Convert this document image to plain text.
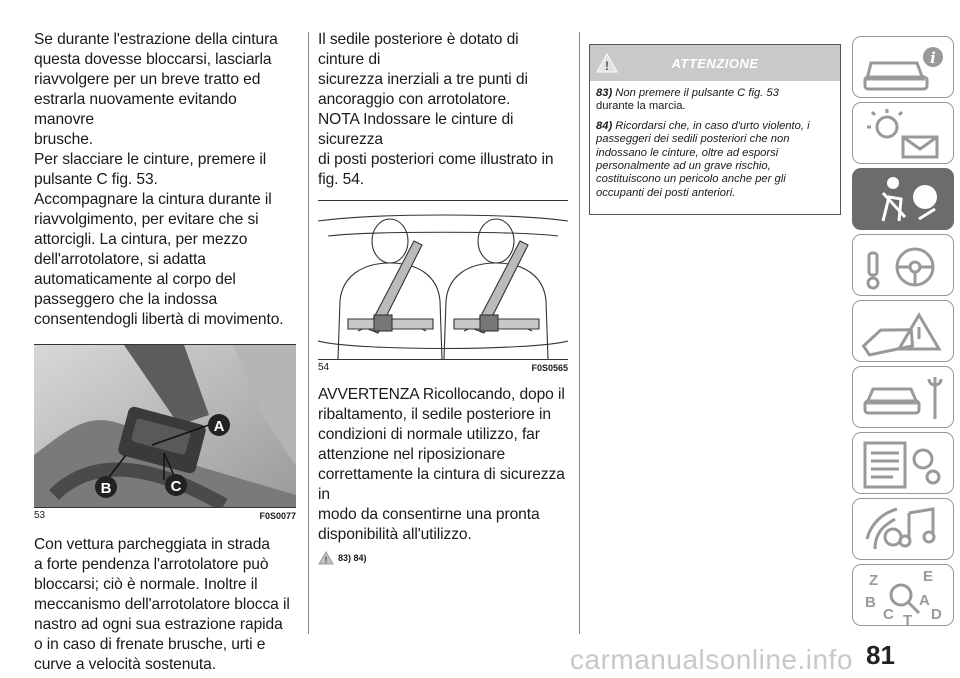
Se durante l'estrazione della cintura
questa dovesse bloccarsi, lasciarla
riavvolgere per un breve tratto ed
estrarla nuovamente evitando manovre
brusche.
Per slacciare le cinture, premere il
pulsante C fig. 53.
Accompagnare la cintura durante il
riavvolgimento, per evitare che si
attorcigli. La cintura, per mezzo
dell'arrotolatore, si adatta
automaticamente al corpo del
passeggero che la indossa
consentendogli libertà di movimento.

A
B	C
53	F0S0077

Con vettura parcheggiata in strada
a forte pendenza l'arrotolatore può
bloccarsi; ciò è normale. Inoltre il
meccanismo dell'arrotolatore blocca il
nastro ad ogni sua estrazione rapida
o in caso di frenate brusche, urti e
curve a velocità sostenuta.

Il sedile posteriore è dotato di cinture di
sicurezza inerziali a tre punti di
ancoraggio con arrotolatore.
NOTA Indossare le cinture di sicurezza
di posti posteriori come illustrato in
fig. 54.

54	F0S0565

AVVERTENZA Ricollocando, dopo il
ribaltamento, il sedile posteriore in
condizioni di normale utilizzo, far
attenzione nel riposizionare
correttamente la cintura di sicurezza in
modo da consentirne una pronta
disponibilità all'utilizzo.

! 83) 84)
!	ATTENZIONE

83) Non premere il pulsante C fig. 53
durante la marcia.

84) Ricordarsi che, in caso d'urto violento, i passeggeri dei sedili posteriori che non indossano le cinture, oltre ad esporsi personalmente ad un grave rischio, costituiscono un pericolo anche per gli occupanti dei posti anteriori.

i
Z	E
B	A
C D
T
carmanualsonline.info 81
